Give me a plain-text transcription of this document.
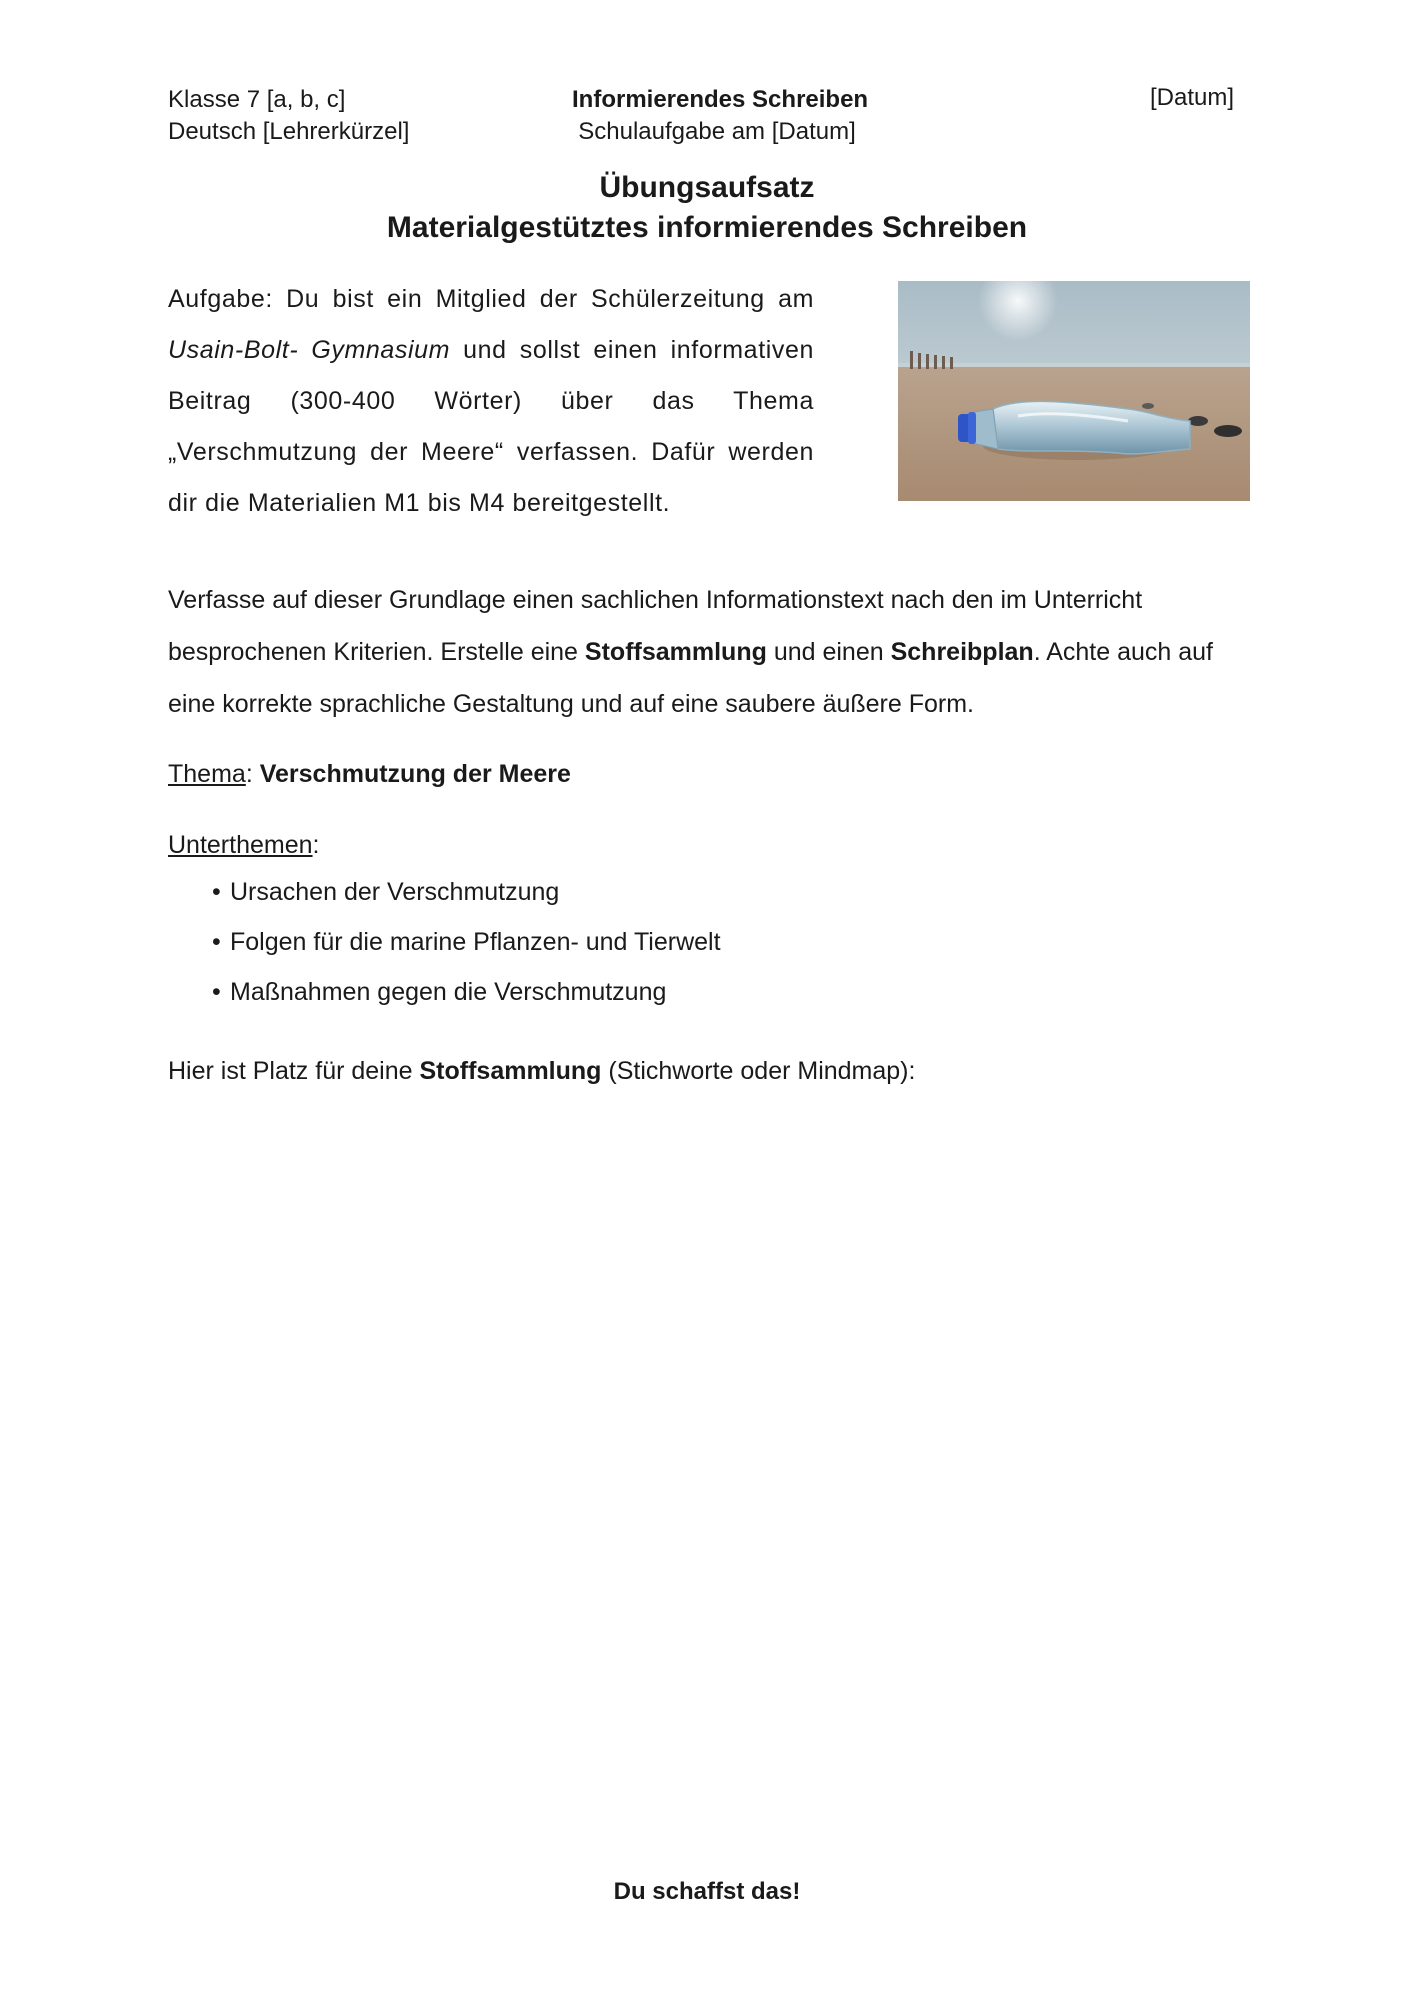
Klasse 7 [a, b, c]
Deutsch [Lehrerkürzel]
Informierendes Schreiben
Schulaufgabe am [Datum]
[Datum]
Übungsaufsatz
Materialgestütztes informierendes Schreiben
Aufgabe: Du bist ein Mitglied der Schülerzeitung am Usain-Bolt- Gymnasium und sollst einen informativen Beitrag (300-400 Wörter) über das Thema „Verschmutzung der Meere“ verfassen. Dafür werden dir die Materialien M1 bis M4 bereitgestellt.
Verfasse auf dieser Grundlage einen sachlichen Informationstext nach den im Unterricht besprochenen Kriterien. Erstelle eine Stoffsammlung und einen Schreibplan. Achte auch auf eine korrekte sprachliche Gestaltung und auf eine saubere äußere Form.
Thema: Verschmutzung der Meere
Unterthemen:
• Ursachen der Verschmutzung
• Folgen für die marine Pflanzen- und Tierwelt
• Maßnahmen gegen die Verschmutzung
Hier ist Platz für deine Stoffsammlung (Stichworte oder Mindmap):
Du schaffst das!
